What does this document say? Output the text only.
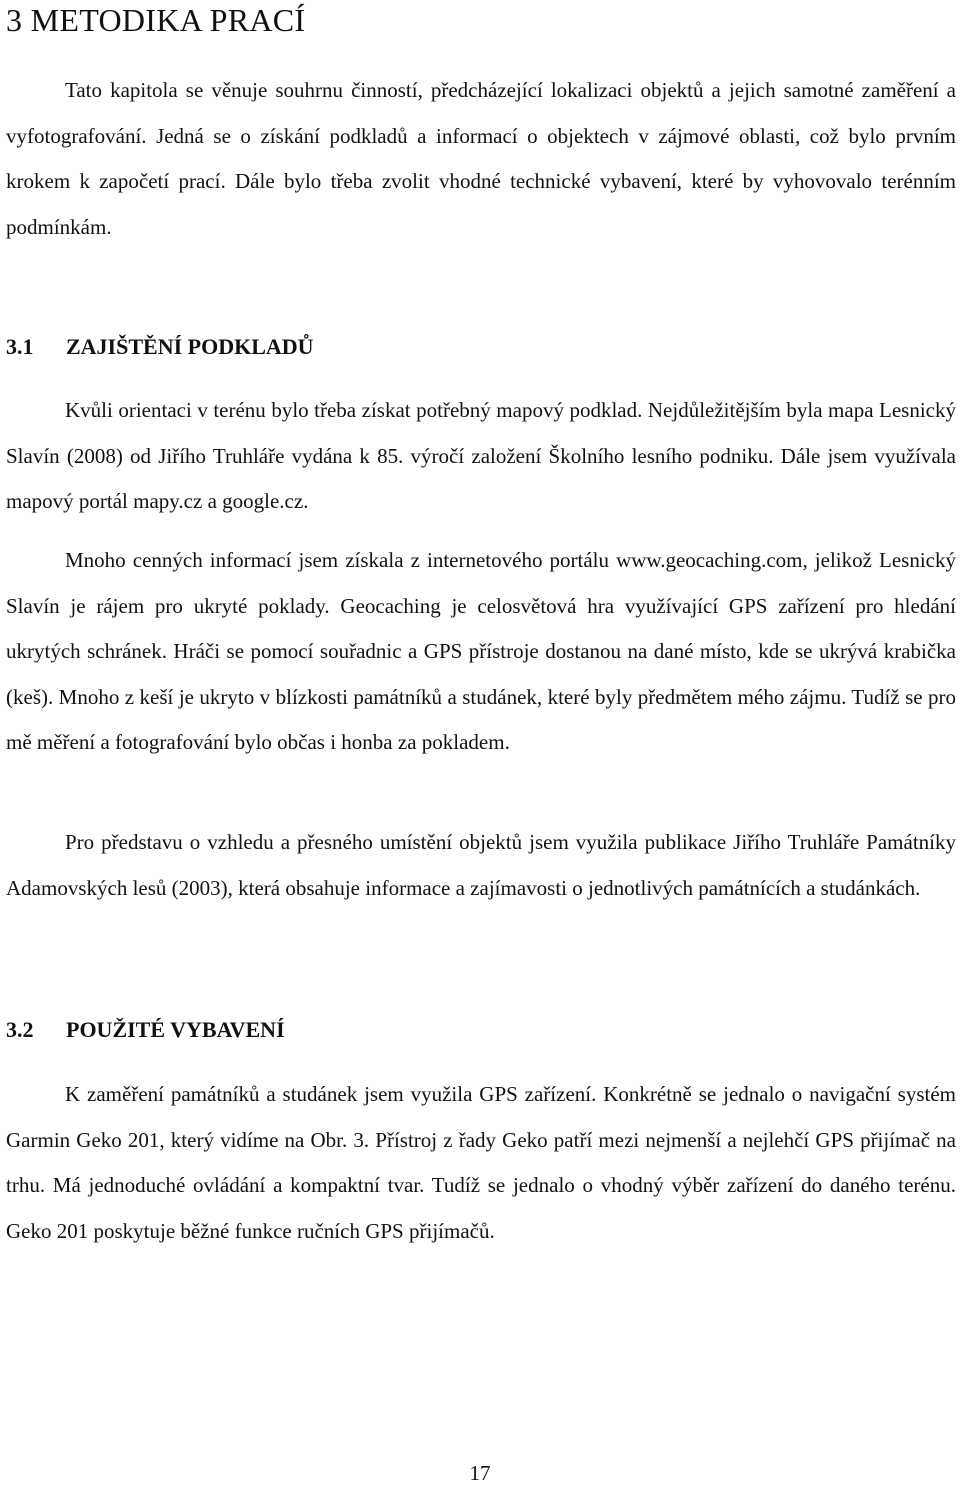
3 METODIKA PRACÍ

Tato kapitola se věnuje souhrnu činností, předcházející lokalizaci objektů a jejich samotné zaměření a vyfotografování. Jedná se o získání podkladů a informací o objektech v zájmové oblasti, což bylo prvním krokem k započetí prací. Dále bylo třeba zvolit vhodné technické vybavení, které by vyhovovalo terénním podmínkám.

3.1 ZAJIŠTĚNÍ PODKLADŮ

Kvůli orientaci v terénu bylo třeba získat potřebný mapový podklad. Nejdůležitějším byla mapa Lesnický Slavín (2008) od Jiřího Truhláře vydána k 85. výročí založení Školního lesního podniku. Dále jsem využívala mapový portál mapy.cz a google.cz.

Mnoho cenných informací jsem získala z internetového portálu www.geocaching.com, jelikož Lesnický Slavín je rájem pro ukryté poklady. Geocaching je celosvětová hra využívající GPS zařízení pro hledání ukrytých schránek. Hráči se pomocí souřadnic a GPS přístroje dostanou na dané místo, kde se ukrývá krabička (keš). Mnoho z keší je ukryto v blízkosti památníků a studánek, které byly předmětem mého zájmu. Tudíž se pro mě měření a fotografování bylo občas i honba za pokladem.

Pro představu o vzhledu a přesného umístění objektů jsem využila publikace Jiřího Truhláře Památníky Adamovských lesů (2003), která obsahuje informace a zajímavosti o jednotlivých památnících a studánkách.

3.2 POUŽITÉ VYBAVENÍ

K zaměření památníků a studánek jsem využila GPS zařízení. Konkrétně se jednalo o navigační systém Garmin Geko 201, který vidíme na Obr. 3. Přístroj z řady Geko patří mezi nejmenší a nejlehčí GPS přijímač na trhu. Má jednoduché ovládání a kompaktní tvar. Tudíž se jednalo o vhodný výběr zařízení do daného terénu. Geko 201 poskytuje běžné funkce ručních GPS přijímačů.

17
